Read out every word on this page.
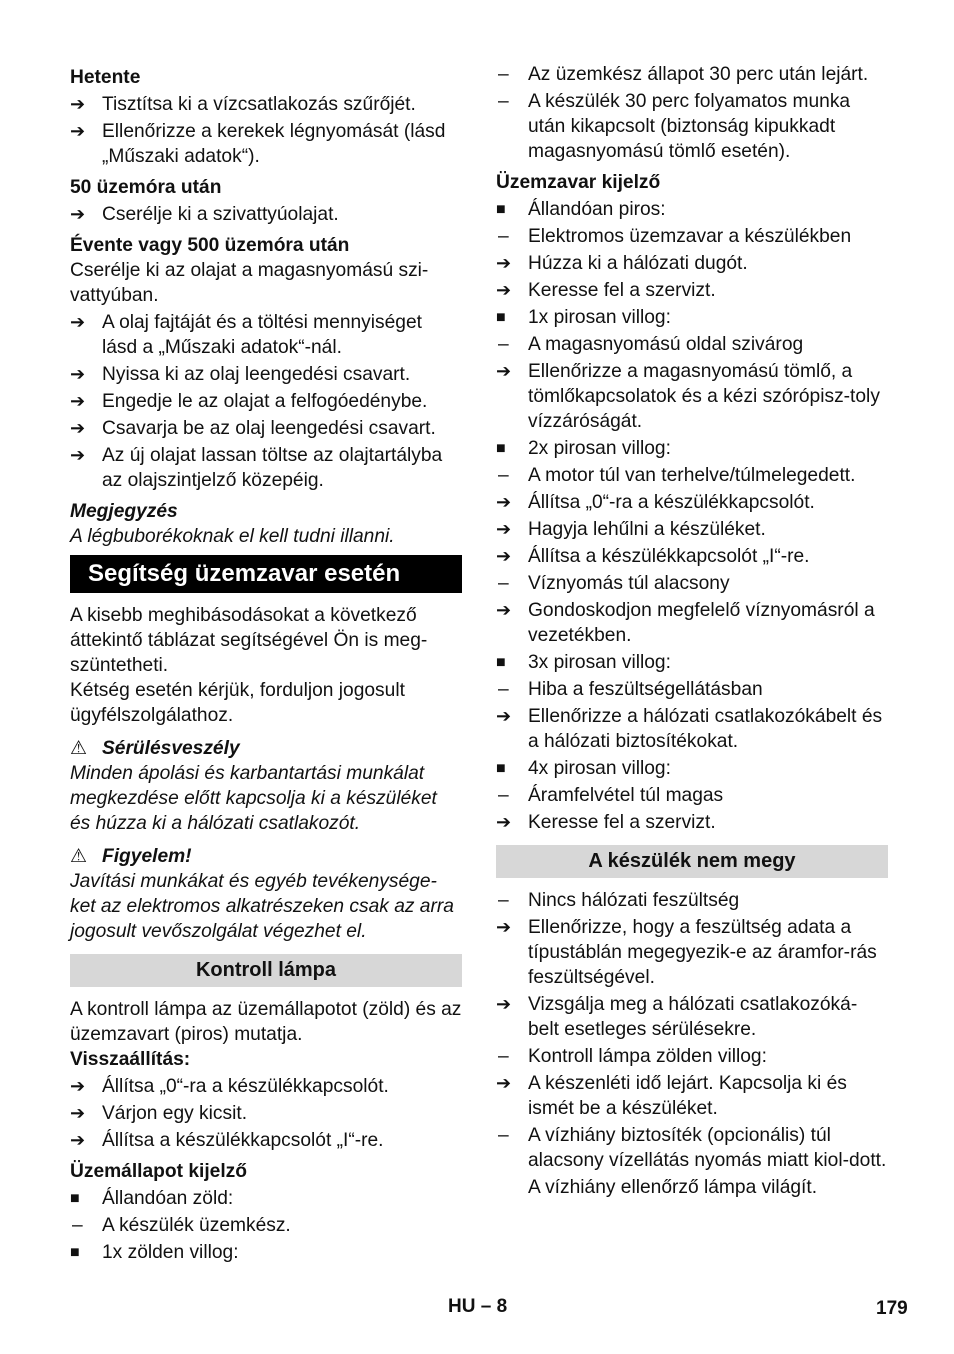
Hetente
➔ Tisztítsa ki a vízcsatlakozás szűrőjét.
➔ Ellenőrizze a kerekek légnyomását (lásd „Műszaki adatok“).
50 üzemóra után
➔ Cserélje ki a szivattyúolajat.
Évente vagy 500 üzemóra után

Cserélje ki az olajat a magasnyomású szi-vattyúban.

➔ A olaj fajtáját és a töltési mennyiséget lásd a „Műszaki adatok“-nál.
➔ Nyissa ki az olaj leengedési csavart.
➔ Engedje le az olajat a felfogóedénybe.
➔ Csavarja be az olaj leengedési csavart.
➔ Az új olajat lassan töltse az olajtartályba az olajszintjelző közepéig.
Megjegyzés

A légbuborékoknak el kell tudni illanni.

Segítség üzemzavar esetén

A kisebb meghibásodásokat a következő áttekintő táblázat segítségével Ön is meg-szüntetheti.

Kétség esetén kérjük, forduljon jogosult ügyfélszolgálathoz.

⚠ Sérülésveszély

Minden ápolási és karbantartási munkálat megkezdése előtt kapcsolja ki a készüléket és húzza ki a hálózati csatlakozót.

⚠ Figyelem!

Javítási munkákat és egyéb tevékenysége-ket az elektromos alkatrészeken csak az arra jogosult vevőszolgálat végezhet el.

Kontroll lámpa

A kontroll lámpa az üzemállapotot (zöld) és az üzemzavart (piros) mutatja.

Visszaállítás:
➔ Állítsa „0“-ra a készülékkapcsolót.
➔ Várjon egy kicsit.
➔ Állítsa a készülékkapcsolót „I“-re.
Üzemállapot kijelző
■	Állandóan zöld:
–	A készülék üzemkész.
■	1x zölden villog:
–	Az üzemkész állapot 30 perc után lejárt.
–	A készülék 30 perc folyamatos munka után kikapcsolt (biztonság kipukkadt magasnyomású tömlő esetén).
Üzemzavar kijelző
■	Állandóan piros:
–	Elektromos üzemzavar a készülékben
➔ Húzza ki a hálózati dugót.
➔ Keresse fel a szervizt.
■	1x pirosan villog:
–	A magasnyomású oldal szivárog
➔ Ellenőrizze a magasnyomású tömlő, a tömlőkapcsolatok és a kézi szórópisz-toly vízzáróságát.
■	2x pirosan villog:
–	A motor túl van terhelve/túlmelegedett.
➔ Állítsa „0“-ra a készülékkapcsolót.
➔ Hagyja lehűlni a készüléket.
➔ Állítsa a készülékkapcsolót „I“-re.
–	Víznyomás túl alacsony
➔ Gondoskodjon megfelelő víznyomásról a vezetékben.
■	3x pirosan villog:
–	Hiba a feszültségellátásban
➔ Ellenőrizze a hálózati csatlakozókábelt és a hálózati biztosítékokat.
■	4x pirosan villog:
–	Áramfelvétel túl magas
➔ Keresse fel a szervizt.
A készülék nem megy
–	Nincs hálózati feszültség
➔ Ellenőrizze, hogy a feszültség adata a típustáblán megegyezik-e az áramfor-rás feszültségével.
➔ Vizsgálja meg a hálózati csatlakozóká-belt esetleges sérülésekre.
–	Kontroll lámpa zölden villog:
➔ A készenléti idő lejárt. Kapcsolja ki és ismét be a készüléket.
–	A vízhiány biztosíték (opcionális) túl alacsony vízellátás nyomás miatt kiol-dott.
A vízhiány ellenőrző lámpa világít.
HU – 8	179
